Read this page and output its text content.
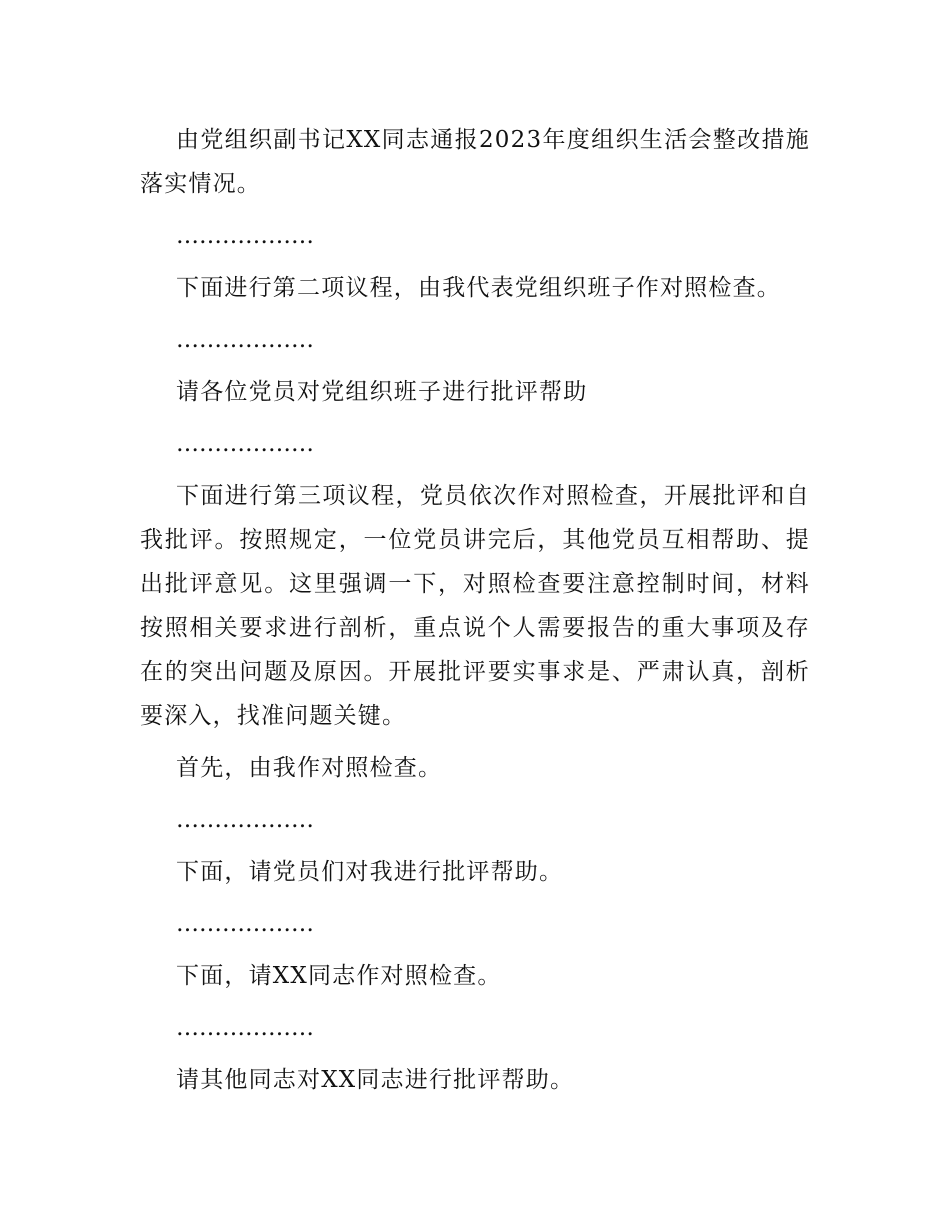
由党组织副书记XX同志通报2023年度组织生活会整改措施落实情况。

………………

下面进行第二项议程，由我代表党组织班子作对照检查。

………………

请各位党员对党组织班子进行批评帮助

………………

下面进行第三项议程，党员依次作对照检查，开展批评和自我批评。按照规定，一位党员讲完后，其他党员互相帮助、提出批评意见。这里强调一下，对照检查要注意控制时间，材料按照相关要求进行剖析，重点说个人需要报告的重大事项及存在的突出问题及原因。开展批评要实事求是、严肃认真，剖析要深入，找准问题关键。

首先，由我作对照检查。

………………

下面，请党员们对我进行批评帮助。

………………

下面，请XX同志作对照检查。

………………

请其他同志对XX同志进行批评帮助。
